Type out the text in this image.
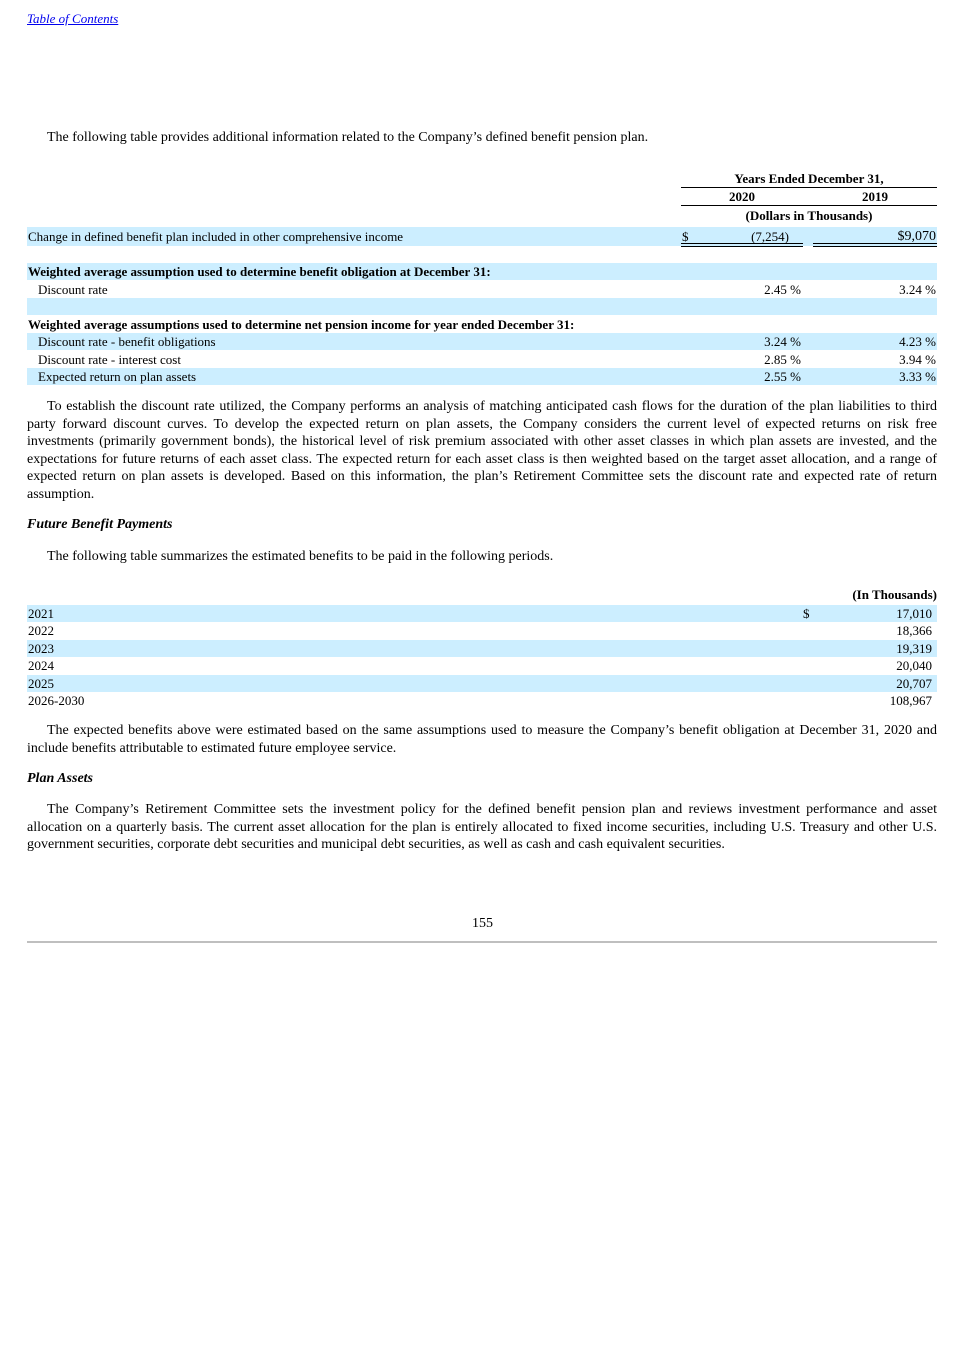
Table of Contents
The following table provides additional information related to the Company’s defined benefit pension plan.
Years Ended December 31,
2020	2019
(Dollars in Thousands)
Change in defined benefit plan included in other comprehensive income	$	(7,254)	$9,070
Weighted average assumption used to determine benefit obligation at December 31:
Discount rate	2.45 %	3.24 %
Weighted average assumptions used to determine net pension income for year ended December 31:
Discount rate - benefit obligations	3.24 %	4.23 %
Discount rate - interest cost	2.85 %	3.94 %
Expected return on plan assets	2.55 %	3.33 %
To establish the discount rate utilized, the Company performs an analysis of matching anticipated cash flows for the duration of the plan liabilities to third party forward discount curves. To develop the expected return on plan assets, the Company considers the current level of expected returns on risk free investments (primarily government bonds), the historical level of risk premium associated with other asset classes in which plan assets are invested, and the expectations for future returns of each asset class. The expected return for each asset class is then weighted based on the target asset allocation, and a range of expected return on plan assets is developed. Based on this information, the plan’s Retirement Committee sets the discount rate and expected rate of return assumption.
Future Benefit Payments
The following table summarizes the estimated benefits to be paid in the following periods.
(In Thousands)
2021	$	17,010
2022	18,366
2023	19,319
2024	20,040
2025	20,707
2026-2030	108,967
The expected benefits above were estimated based on the same assumptions used to measure the Company’s benefit obligation at December 31, 2020 and include benefits attributable to estimated future employee service.
Plan Assets
The Company’s Retirement Committee sets the investment policy for the defined benefit pension plan and reviews investment performance and asset allocation on a quarterly basis. The current asset allocation for the plan is entirely allocated to fixed income securities, including U.S. Treasury and other U.S. government securities, corporate debt securities and municipal debt securities, as well as cash and cash equivalent securities.
155
